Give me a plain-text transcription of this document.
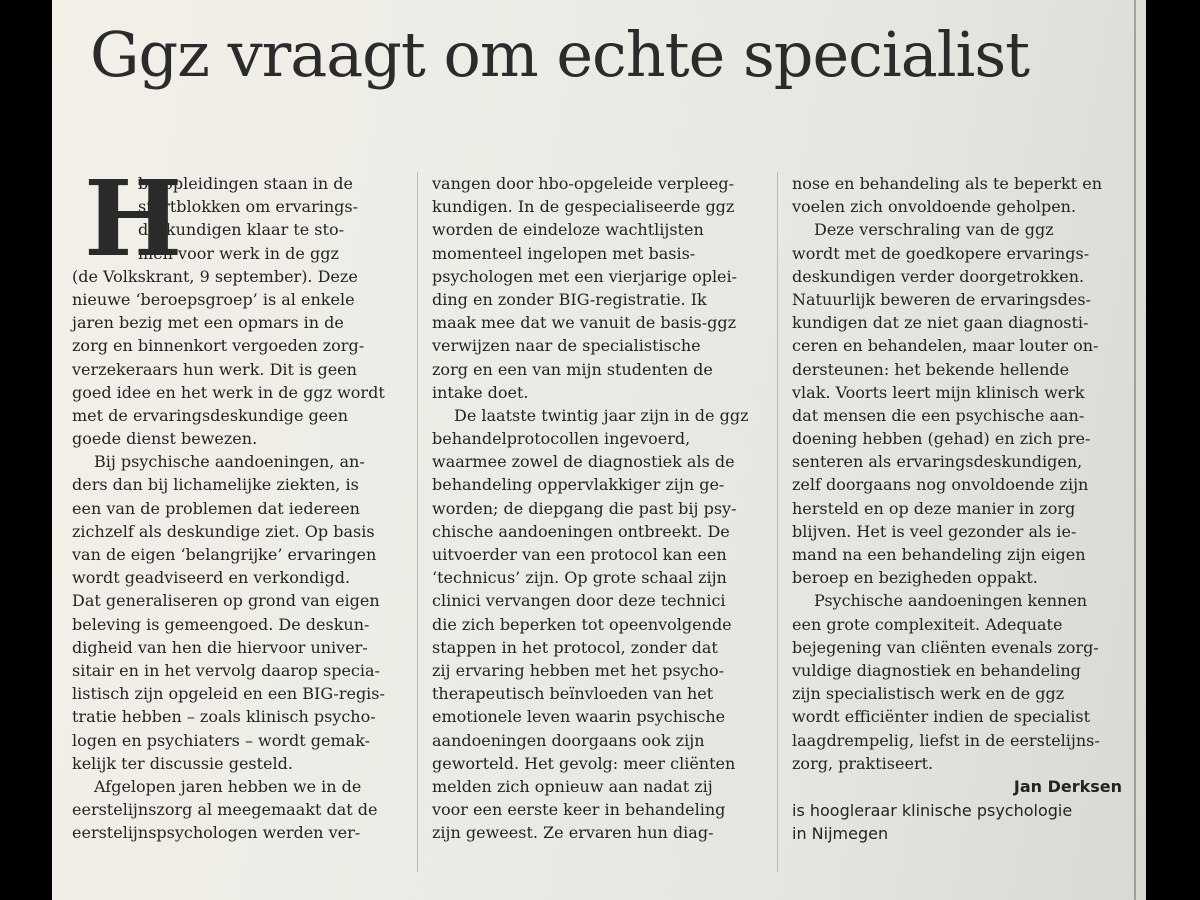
Ggz vraagt om echte specialist
H
bo-opleidingen staan in de
startblokken om ervarings-
deskundigen klaar te sto-
men voor werk in de ggz
(de Volkskrant, 9 september). Deze
nieuwe ‘beroepsgroep’ is al enkele
jaren bezig met een opmars in de
zorg en binnenkort vergoeden zorg-
verzekeraars hun werk. Dit is geen
goed idee en het werk in de ggz wordt
met de ervaringsdeskundige geen
goede dienst bewezen.
Bij psychische aandoeningen, an-
ders dan bij lichamelijke ziekten, is
een van de problemen dat iedereen
zichzelf als deskundige ziet. Op basis
van de eigen ‘belangrijke’ ervaringen
wordt geadviseerd en verkondigd.
Dat generaliseren op grond van eigen
beleving is gemeengoed. De deskun-
digheid van hen die hiervoor univer-
sitair en in het vervolg daarop specia-
listisch zijn opgeleid en een BIG-regis-
tratie hebben – zoals klinisch psycho-
logen en psychiaters – wordt gemak-
kelijk ter discussie gesteld.
Afgelopen jaren hebben we in de
eerstelijnszorg al meegemaakt dat de
eerstelijnspsychologen werden ver-
vangen door hbo-opgeleide verpleeg-
kundigen. In de gespecialiseerde ggz
worden de eindeloze wachtlijsten
momenteel ingelopen met basis-
psychologen met een vierjarige oplei-
ding en zonder BIG-registratie. Ik
maak mee dat we vanuit de basis-ggz
verwijzen naar de specialistische
zorg en een van mijn studenten de
intake doet.
De laatste twintig jaar zijn in de ggz
behandelprotocollen ingevoerd,
waarmee zowel de diagnostiek als de
behandeling oppervlakkiger zijn ge-
worden; de diepgang die past bij psy-
chische aandoeningen ontbreekt. De
uitvoerder van een protocol kan een
‘technicus’ zijn. Op grote schaal zijn
clinici vervangen door deze technici
die zich beperken tot opeenvolgende
stappen in het protocol, zonder dat
zij ervaring hebben met het psycho-
therapeutisch beïnvloeden van het
emotionele leven waarin psychische
aandoeningen doorgaans ook zijn
geworteld. Het gevolg: meer cliënten
melden zich opnieuw aan nadat zij
voor een eerste keer in behandeling
zijn geweest. Ze ervaren hun diag-
nose en behandeling als te beperkt en
voelen zich onvoldoende geholpen.
Deze verschraling van de ggz
wordt met de goedkopere ervarings-
deskundigen verder doorgetrokken.
Natuurlijk beweren de ervaringsdes-
kundigen dat ze niet gaan diagnosti-
ceren en behandelen, maar louter on-
dersteunen: het bekende hellende
vlak. Voorts leert mijn klinisch werk
dat mensen die een psychische aan-
doening hebben (gehad) en zich pre-
senteren als ervaringsdeskundigen,
zelf doorgaans nog onvoldoende zijn
hersteld en op deze manier in zorg
blijven. Het is veel gezonder als ie-
mand na een behandeling zijn eigen
beroep en bezigheden oppakt.
Psychische aandoeningen kennen
een grote complexiteit. Adequate
bejegening van cliënten evenals zorg-
vuldige diagnostiek en behandeling
zijn specialistisch werk en de ggz
wordt efficiënter indien de specialist
laagdrempelig, liefst in de eerstelijns-
zorg, praktiseert.
Jan Derksen
is hoogleraar klinische psychologie
in Nijmegen
